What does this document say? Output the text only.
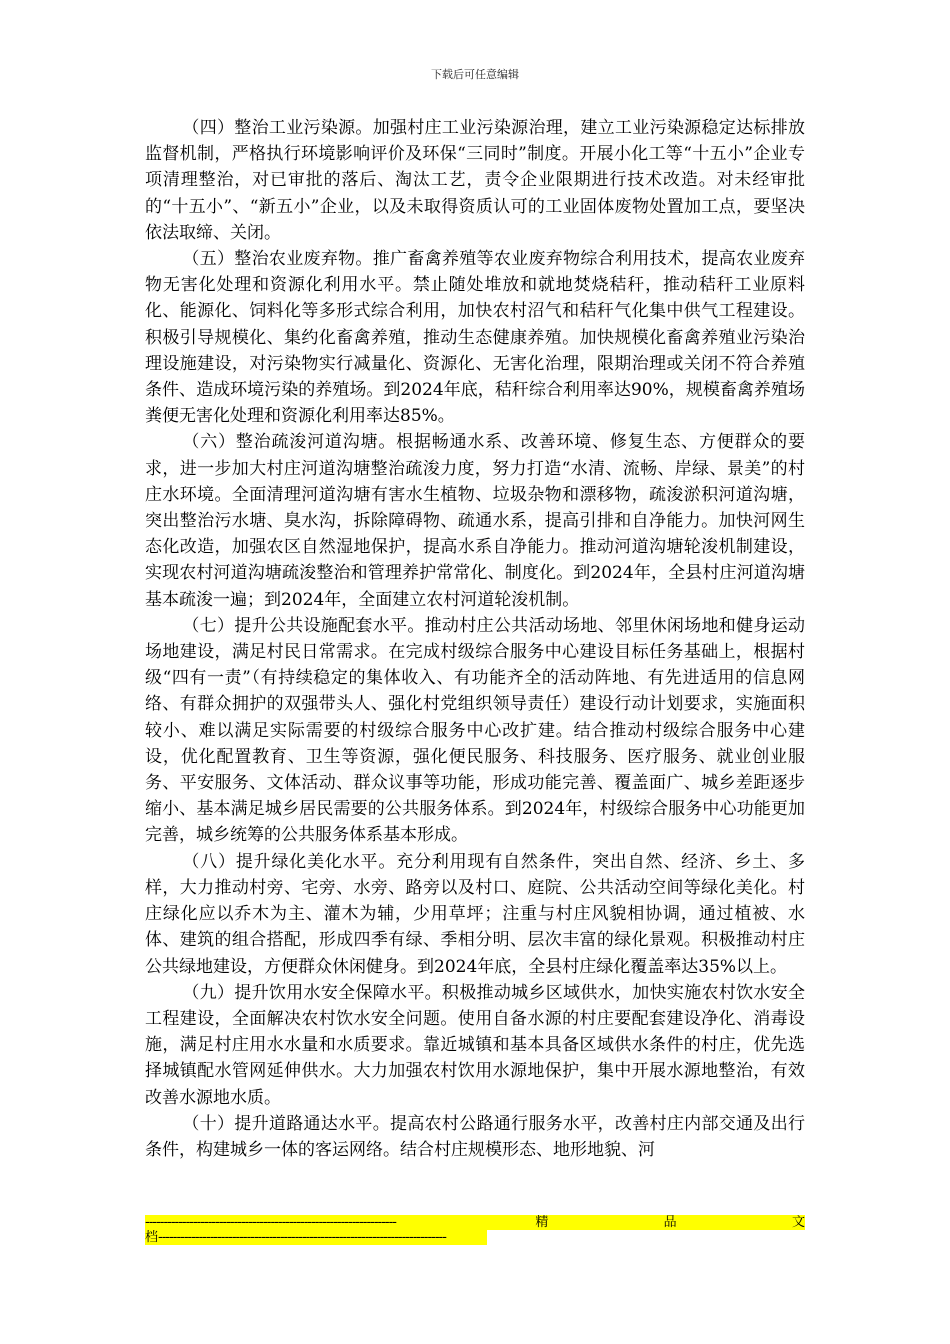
下载后可任意编辑

（四）整治工业污染源。加强村庄工业污染源治理，建立工业污染源稳定达标排放监督机制，严格执行环境影响评价及环保“三同时”制度。开展小化工等“十五小”企业专项清理整治，对已审批的落后、淘汰工艺，责令企业限期进行技术改造。对未经审批的“十五小”、“新五小”企业，以及未取得资质认可的工业固体废物处置加工点，要坚决依法取缔、关闭。

（五）整治农业废弃物。推广畜禽养殖等农业废弃物综合利用技术，提高农业废弃物无害化处理和资源化利用水平。禁止随处堆放和就地焚烧秸秆，推动秸秆工业原料化、能源化、饲料化等多形式综合利用，加快农村沼气和秸秆气化集中供气工程建设。积极引导规模化、集约化畜禽养殖，推动生态健康养殖。加快规模化畜禽养殖业污染治理设施建设，对污染物实行减量化、资源化、无害化治理，限期治理或关闭不符合养殖条件、造成环境污染的养殖场。到2024年底，秸秆综合利用率达90%，规模畜禽养殖场粪便无害化处理和资源化利用率达85%。

（六）整治疏浚河道沟塘。根据畅通水系、改善环境、修复生态、方便群众的要求，进一步加大村庄河道沟塘整治疏浚力度，努力打造“水清、流畅、岸绿、景美”的村庄水环境。全面清理河道沟塘有害水生植物、垃圾杂物和漂移物，疏浚淤积河道沟塘，突出整治污水塘、臭水沟，拆除障碍物、疏通水系，提高引排和自净能力。加快河网生态化改造，加强农区自然湿地保护，提高水系自净能力。推动河道沟塘轮浚机制建设，实现农村河道沟塘疏浚整治和管理养护常常化、制度化。到2024年，全县村庄河道沟塘基本疏浚一遍；到2024年，全面建立农村河道轮浚机制。

（七）提升公共设施配套水平。推动村庄公共活动场地、邻里休闲场地和健身运动场地建设，满足村民日常需求。在完成村级综合服务中心建设目标任务基础上，根据村级“四有一责”（有持续稳定的集体收入、有功能齐全的活动阵地、有先进适用的信息网络、有群众拥护的双强带头人、强化村党组织领导责任）建设行动计划要求，实施面积较小、难以满足实际需要的村级综合服务中心改扩建。结合推动村级综合服务中心建设，优化配置教育、卫生等资源，强化便民服务、科技服务、医疗服务、就业创业服务、平安服务、文体活动、群众议事等功能，形成功能完善、覆盖面广、城乡差距逐步缩小、基本满足城乡居民需要的公共服务体系。到2024年，村级综合服务中心功能更加完善，城乡统筹的公共服务体系基本形成。

（八）提升绿化美化水平。充分利用现有自然条件，突出自然、经济、乡土、多样，大力推动村旁、宅旁、水旁、路旁以及村口、庭院、公共活动空间等绿化美化。村庄绿化应以乔木为主、灌木为辅，少用草坪；注重与村庄风貌相协调，通过植被、水体、建筑的组合搭配，形成四季有绿、季相分明、层次丰富的绿化景观。积极推动村庄公共绿地建设，方便群众休闲健身。到2024年底，全县村庄绿化覆盖率达35%以上。

（九）提升饮用水安全保障水平。积极推动城乡区域供水，加快实施农村饮水安全工程建设，全面解决农村饮水安全问题。使用自备水源的村庄要配套建设净化、消毒设施，满足村庄用水水量和水质要求。靠近城镇和基本具备区域供水条件的村庄，优先选择城镇配水管网延伸供水。大力加强农村饮用水源地保护，集中开展水源地整治，有效改善水源地水质。

（十）提升道路通达水平。提高农村公路通行服务水平，改善村庄内部交通及出行条件，构建城乡一体的客运网络。结合村庄规模形态、地形地貌、河

--------------------------------------------------------------------	精	品	文
档------------------------------------------------------------------------------
